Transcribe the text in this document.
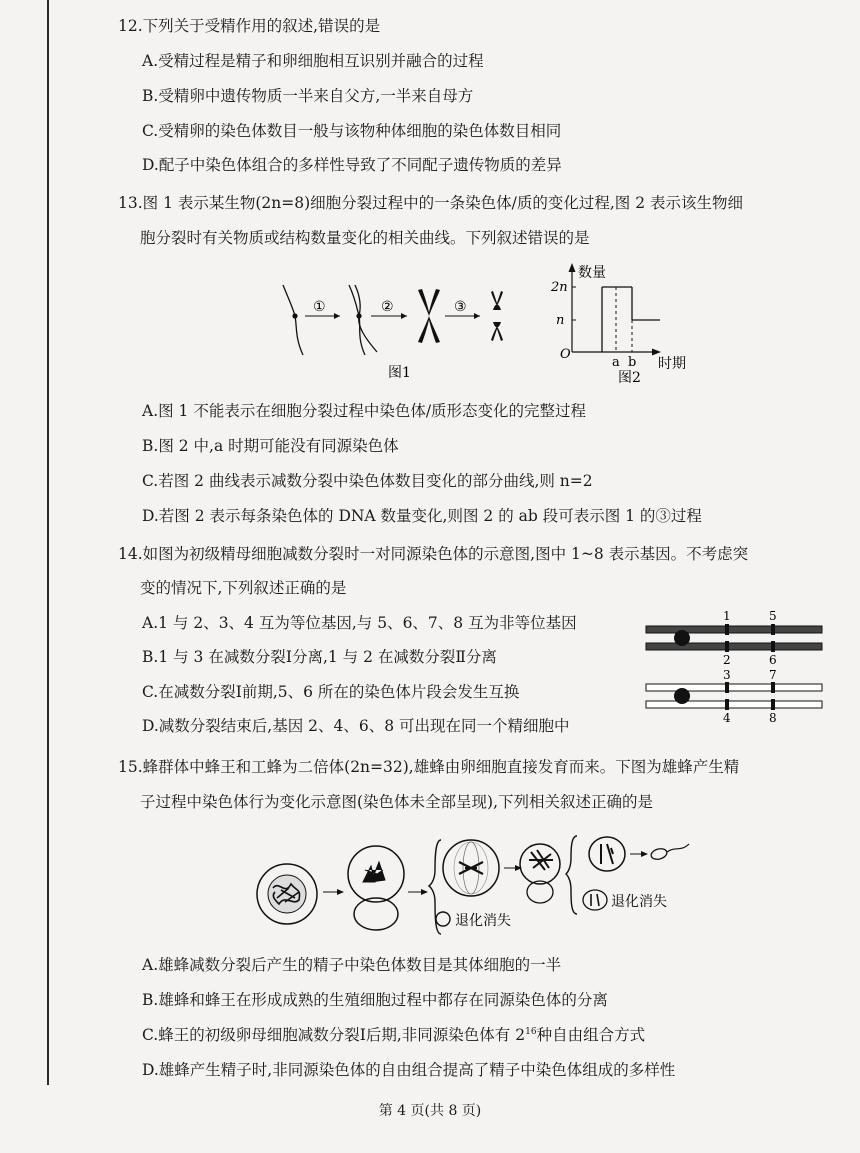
12.下列关于受精作用的叙述,错误的是
A.受精过程是精子和卵细胞相互识别并融合的过程
B.受精卵中遗传物质一半来自父方,一半来自母方
C.受精卵的染色体数目一般与该物种体细胞的染色体数目相同
D.配子中染色体组合的多样性导致了不同配子遗传物质的差异
13.图 1 表示某生物(2n=8)细胞分裂过程中的一条染色体/质的变化过程,图 2 表示该生物细
胞分裂时有关物质或结构数量变化的相关曲线。下列叙述错误的是
①	②	③
图1
数量
时期
O
2n
n
a b
图2
A.图 1 不能表示在细胞分裂过程中染色体/质形态变化的完整过程
B.图 2 中,a 时期可能没有同源染色体
C.若图 2 曲线表示减数分裂中染色体数目变化的部分曲线,则 n=2
D.若图 2 表示每条染色体的 DNA 数量变化,则图 2 的 ab 段可表示图 1 的③过程
14.如图为初级精母细胞减数分裂时一对同源染色体的示意图,图中 1~8 表示基因。不考虑突
变的情况下,下列叙述正确的是
A.1 与 2、3、4 互为等位基因,与 5、6、7、8 互为非等位基因
B.1 与 3 在减数分裂Ⅰ分离,1 与 2 在减数分裂Ⅱ分离
C.在减数分裂Ⅰ前期,5、6 所在的染色体片段会发生互换
D.减数分裂结束后,基因 2、4、6、8 可出现在同一个精细胞中
1	5
2	6
3	7
4	8
15.蜂群体中蜂王和工蜂为二倍体(2n=32),雄蜂由卵细胞直接发育而来。下图为雄蜂产生精
子过程中染色体行为变化示意图(染色体未全部呈现),下列相关叙述正确的是
退化消失
退化消失
A.雄蜂减数分裂后产生的精子中染色体数目是其体细胞的一半
B.雄蜂和蜂王在形成成熟的生殖细胞过程中都存在同源染色体的分离
C.蜂王的初级卵母细胞减数分裂Ⅰ后期,非同源染色体有 $2^{16}$种自由组合方式
D.雄蜂产生精子时,非同源染色体的自由组合提高了精子中染色体组成的多样性
第 4 页(共 8 页)
